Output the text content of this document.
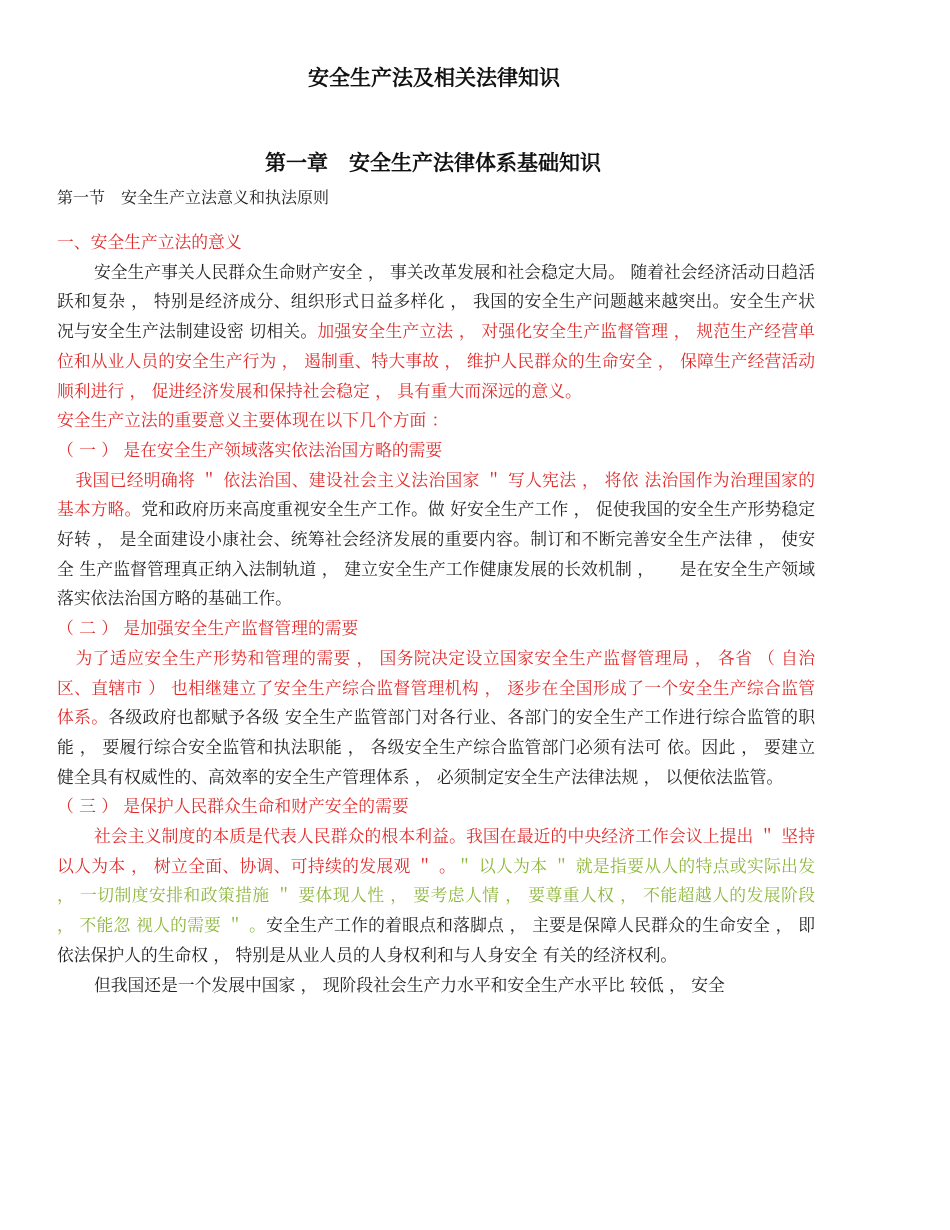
安全生产法及相关法律知识
第一章　安全生产法律体系基础知识
第一节　安全生产立法意义和执法原则

一、安全生产立法的意义

安全生产事关人民群众生命财产安全 ， 事关改革发展和社会稳定大局。 随着社会经济活动日趋活跃和复杂 ， 特别是经济成分、组织形式日益多样化 ， 我国的安全生产问题越来越突出。安全生产状况与安全生产法制建设密 切相关。加强安全生产立法 ， 对强化安全生产监督管理 ， 规范生产经营单位和从业人员的安全生产行为 ， 遏制重、特大事故 ， 维护人民群众的生命安全 ， 保障生产经营活动顺利进行 ， 促进经济发展和保持社会稳定 ， 具有重大而深远的意义。

安全生产立法的重要意义主要体现在以下几个方面 ：

（ 一 ） 是在安全生产领域落实依法治国方略的需要

我国已经明确将 ＂ 依法治国、建设社会主义法治国家 ＂ 写人宪法 ， 将依 法治国作为治理国家的基本方略。党和政府历来高度重视安全生产工作。做 好安全生产工作 ， 促使我国的安全生产形势稳定好转 ， 是全面建设小康社会、统筹社会经济发展的重要内容。制订和不断完善安全生产法律 ， 使安全 生产监督管理真正纳入法制轨道 ， 建立安全生产工作健康发展的长效机制 ，　　是在安全生产领域落实依法治国方略的基础工作。

（ 二 ） 是加强安全生产监督管理的需要

为了适应安全生产形势和管理的需要 ， 国务院决定设立国家安全生产监督管理局 ， 各省 （ 自治区、直辖市 ） 也相继建立了安全生产综合监督管理机构 ， 逐步在全国形成了一个安全生产综合监管体系。各级政府也都赋予各级 安全生产监管部门对各行业、各部门的安全生产工作进行综合监管的职能 ， 要履行综合安全监管和执法职能 ， 各级安全生产综合监管部门必须有法可 依。因此 ， 要建立健全具有权威性的、高效率的安全生产管理体系 ， 必须制定安全生产法律法规 ， 以便依法监管。

（ 三 ） 是保护人民群众生命和财产安全的需要

社会主义制度的本质是代表人民群众的根本利益。我国在最近的中央经济工作会议上提出 ＂ 坚持以人为本 ， 树立全面、协调、可持续的发展观 ＂ 。＂ 以人为本 ＂ 就是指要从人的特点或实际出发 ， 一切制度安排和政策措施 ＂ 要体现人性 ， 要考虑人情 ， 要尊重人权 ， 不能超越人的发展阶段 ， 不能忽 视人的需要 ＂ 。安全生产工作的着眼点和落脚点 ， 主要是保障人民群众的生命安全 ， 即依法保护人的生命权 ， 特别是从业人员的人身权利和与人身安全 有关的经济权利。

但我国还是一个发展中国家 ， 现阶段社会生产力水平和安全生产水平比 较低 ， 安全
